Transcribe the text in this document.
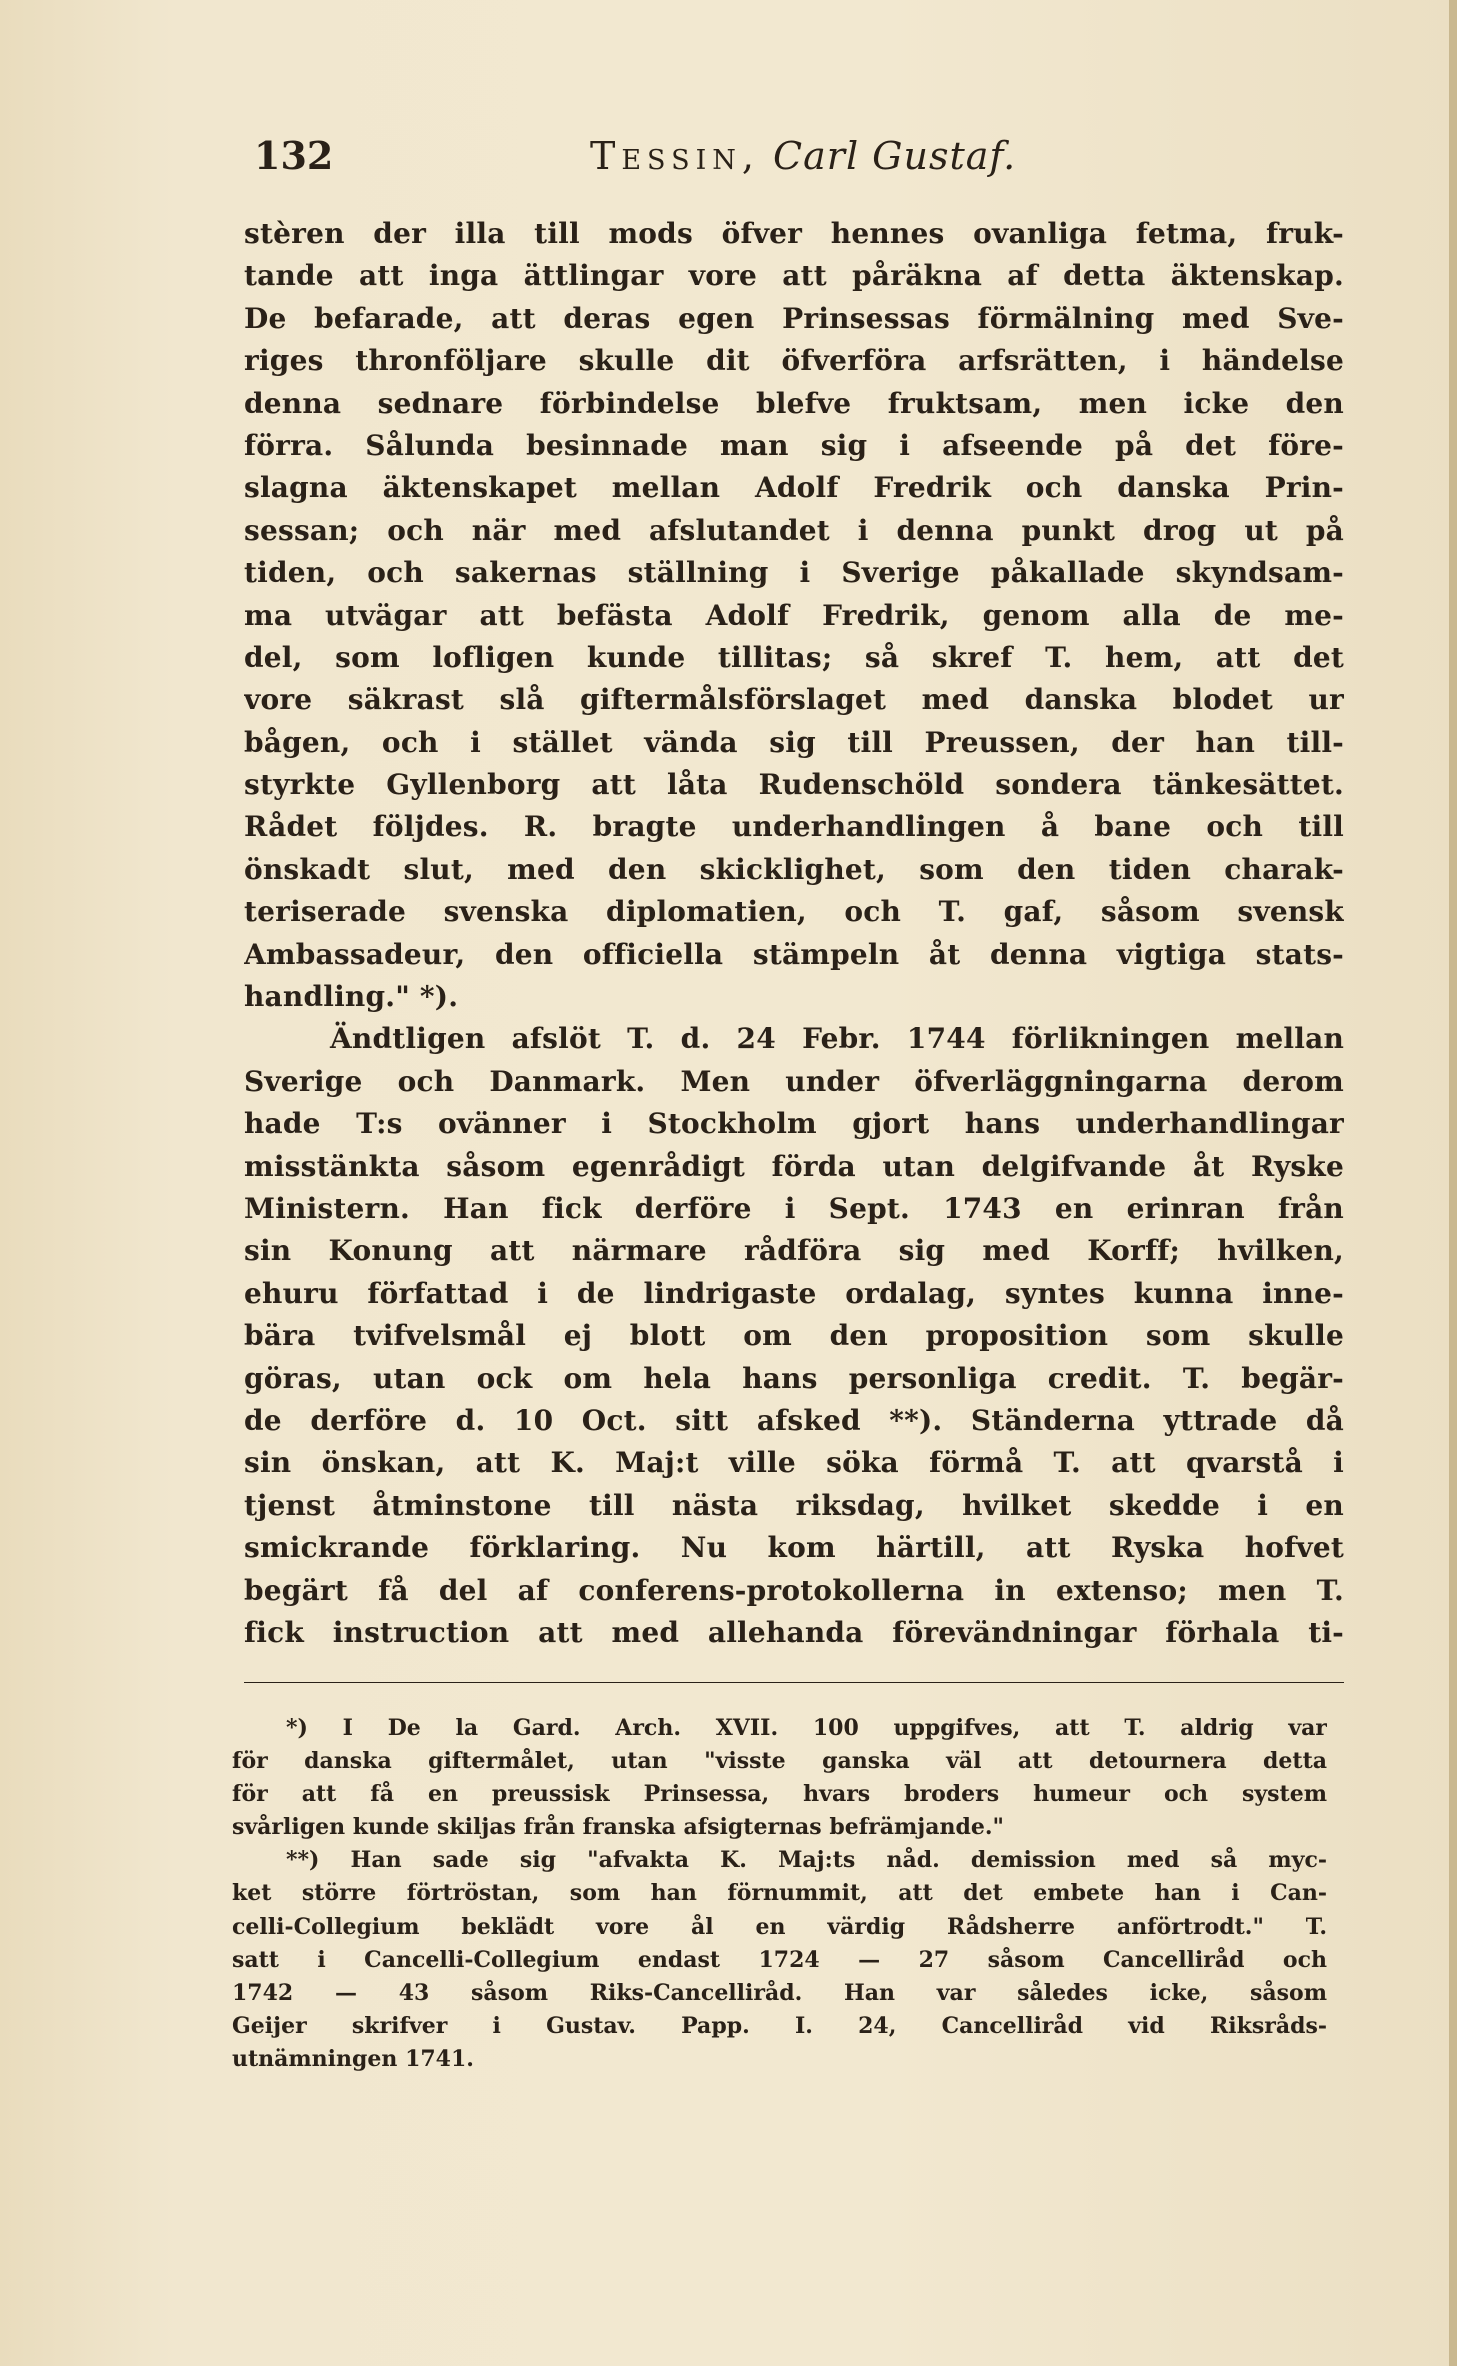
132	Tessin, Carl Gustaf.
stèren der illa till mods öfver hennes ovanliga fetma, fruk-
tande att inga ättlingar vore att påräkna af detta äktenskap.
De befarade, att deras egen Prinsessas förmälning med Sve-
riges thronföljare skulle dit öfverföra arfsrätten, i händelse
denna sednare förbindelse blefve fruktsam, men icke den
förra. Sålunda besinnade man sig i afseende på det före-
slagna äktenskapet mellan Adolf Fredrik och danska Prin-
sessan; och när med afslutandet i denna punkt drog ut på
tiden, och sakernas ställning i Sverige påkallade skyndsam-
ma utvägar att befästa Adolf Fredrik, genom alla de me-
del, som lofligen kunde tillitas; så skref T. hem, att det
vore säkrast slå giftermålsförslaget med danska blodet ur
bågen, och i stället vända sig till Preussen, der han till-
styrkte Gyllenborg att låta Rudenschöld sondera tänkesättet.
Rådet följdes. R. bragte underhandlingen å bane och till
önskadt slut, med den skicklighet, som den tiden charak-
teriserade svenska diplomatien, och T. gaf, såsom svensk
Ambassadeur, den officiella stämpeln åt denna vigtiga stats-
handling." *).
Ändtligen afslöt T. d. 24 Febr. 1744 förlikningen mellan
Sverige och Danmark. Men under öfverläggningarna derom
hade T:s ovänner i Stockholm gjort hans underhandlingar
misstänkta såsom egenrådigt förda utan delgifvande åt Ryske
Ministern. Han fick derföre i Sept. 1743 en erinran från
sin Konung att närmare rådföra sig med Korff; hvilken,
ehuru författad i de lindrigaste ordalag, syntes kunna inne-
bära tvifvelsmål ej blott om den proposition som skulle
göras, utan ock om hela hans personliga credit. T. begär-
de derföre d. 10 Oct. sitt afsked **). Ständerna yttrade då
sin önskan, att K. Maj:t ville söka förmå T. att qvarstå i
tjenst åtminstone till nästa riksdag, hvilket skedde i en
smickrande förklaring. Nu kom härtill, att Ryska hofvet
begärt få del af conferens-protokollerna in extenso; men T.
fick instruction att med allehanda förevändningar förhala ti-
*) I De la Gard. Arch. XVII. 100 uppgifves, att T. aldrig var
för danska giftermålet, utan "visste ganska väl att detournera detta
för att få en preussisk Prinsessa, hvars broders humeur och system
svårligen kunde skiljas från franska afsigternas befrämjande."
**) Han sade sig "afvakta K. Maj:ts nåd. demission med så myc-
ket större förtröstan, som han förnummit, att det embete han i Can-
celli-Collegium beklädt vore ål en värdig Rådsherre anförtrodt." T.
satt i Cancelli-Collegium endast 1724 — 27 såsom Cancelliråd och
1742 — 43 såsom Riks-Cancelliråd. Han var således icke, såsom
Geijer skrifver i Gustav. Papp. I. 24, Cancelliråd vid Riksråds-
utnämningen 1741.
